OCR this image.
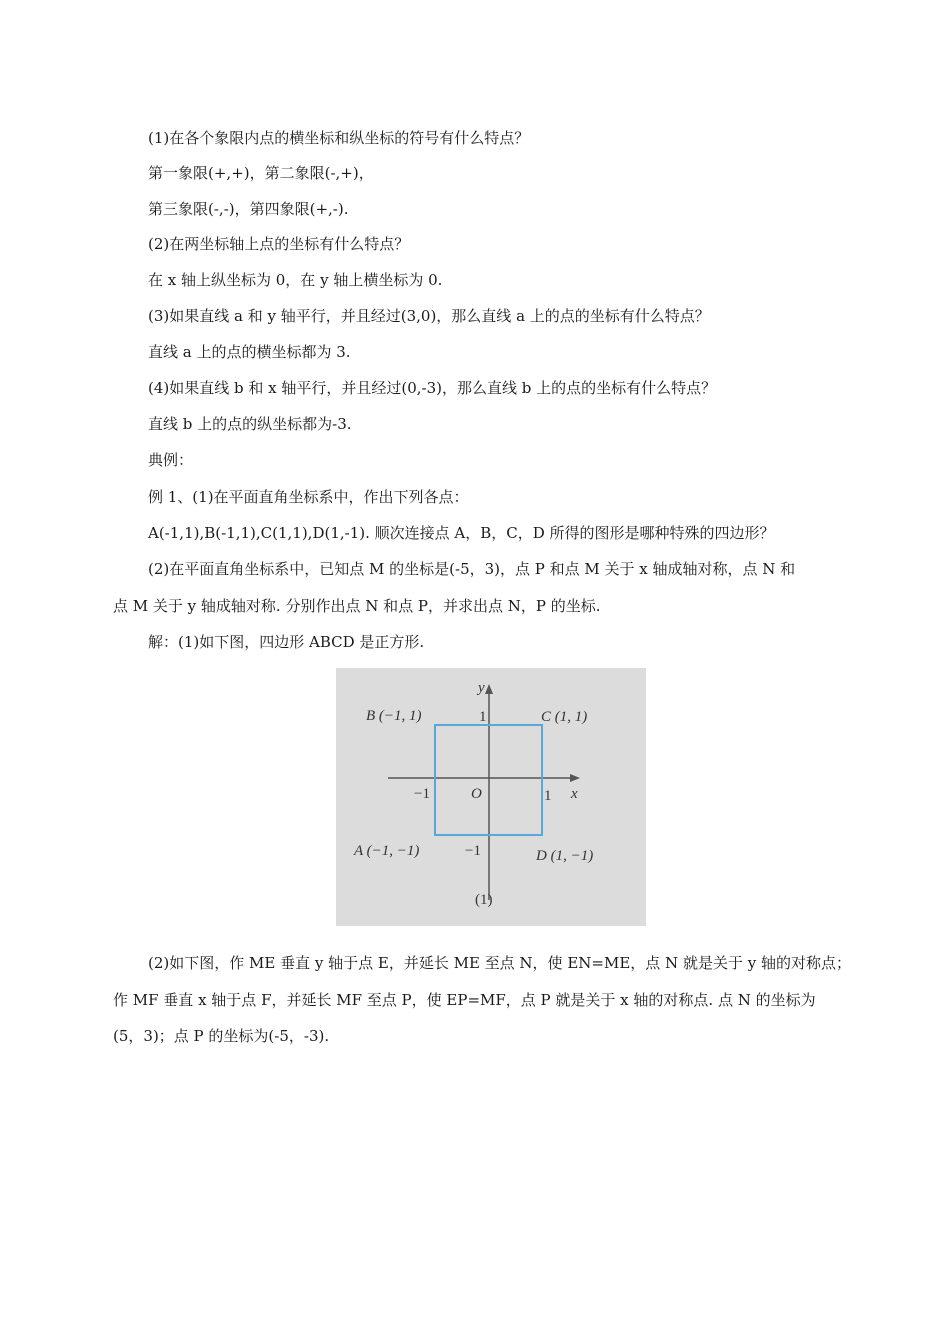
(1)在各个象限内点的横坐标和纵坐标的符号有什么特点？
第一象限(+,+)，第二象限(-,+)，
第三象限(-,-)，第四象限(+,-).
(2)在两坐标轴上点的坐标有什么特点？
在 x 轴上纵坐标为 0，在 y 轴上横坐标为 0.
(3)如果直线 a 和 y 轴平行，并且经过(3,0)，那么直线 a 上的点的坐标有什么特点？
直线 a 上的点的横坐标都为 3.
(4)如果直线 b 和 x 轴平行，并且经过(0,-3)，那么直线 b 上的点的坐标有什么特点？
直线 b 上的点的纵坐标都为-3.
典例：
例 1、(1)在平面直角坐标系中，作出下列各点：
A(-1,1),B(-1,1),C(1,1),D(1,-1). 顺次连接点 A，B，C，D 所得的图形是哪种特殊的四边形？
(2)在平面直角坐标系中，已知点 M 的坐标是(-5，3)，点 P 和点 M 关于 x 轴成轴对称，点 N 和
点 M 关于 y 轴成轴对称. 分别作出点 N 和点 P，并求出点 N，P 的坐标.
解：(1)如下图，四边形 ABCD 是正方形.
B (−1, 1)	C (1, 1)
A (−1, −1)	D (1, −1)
y
x
O
−1	1
1
−1
(1)
(2)如下图，作 ME 垂直 y 轴于点 E，并延长 ME 至点 N，使 EN=ME，点 N 就是关于 y 轴的对称点；
作 MF 垂直 x 轴于点 F，并延长 MF 至点 P，使 EP=MF，点 P 就是关于 x 轴的对称点. 点 N 的坐标为
(5，3)；点 P 的坐标为(-5，-3).
